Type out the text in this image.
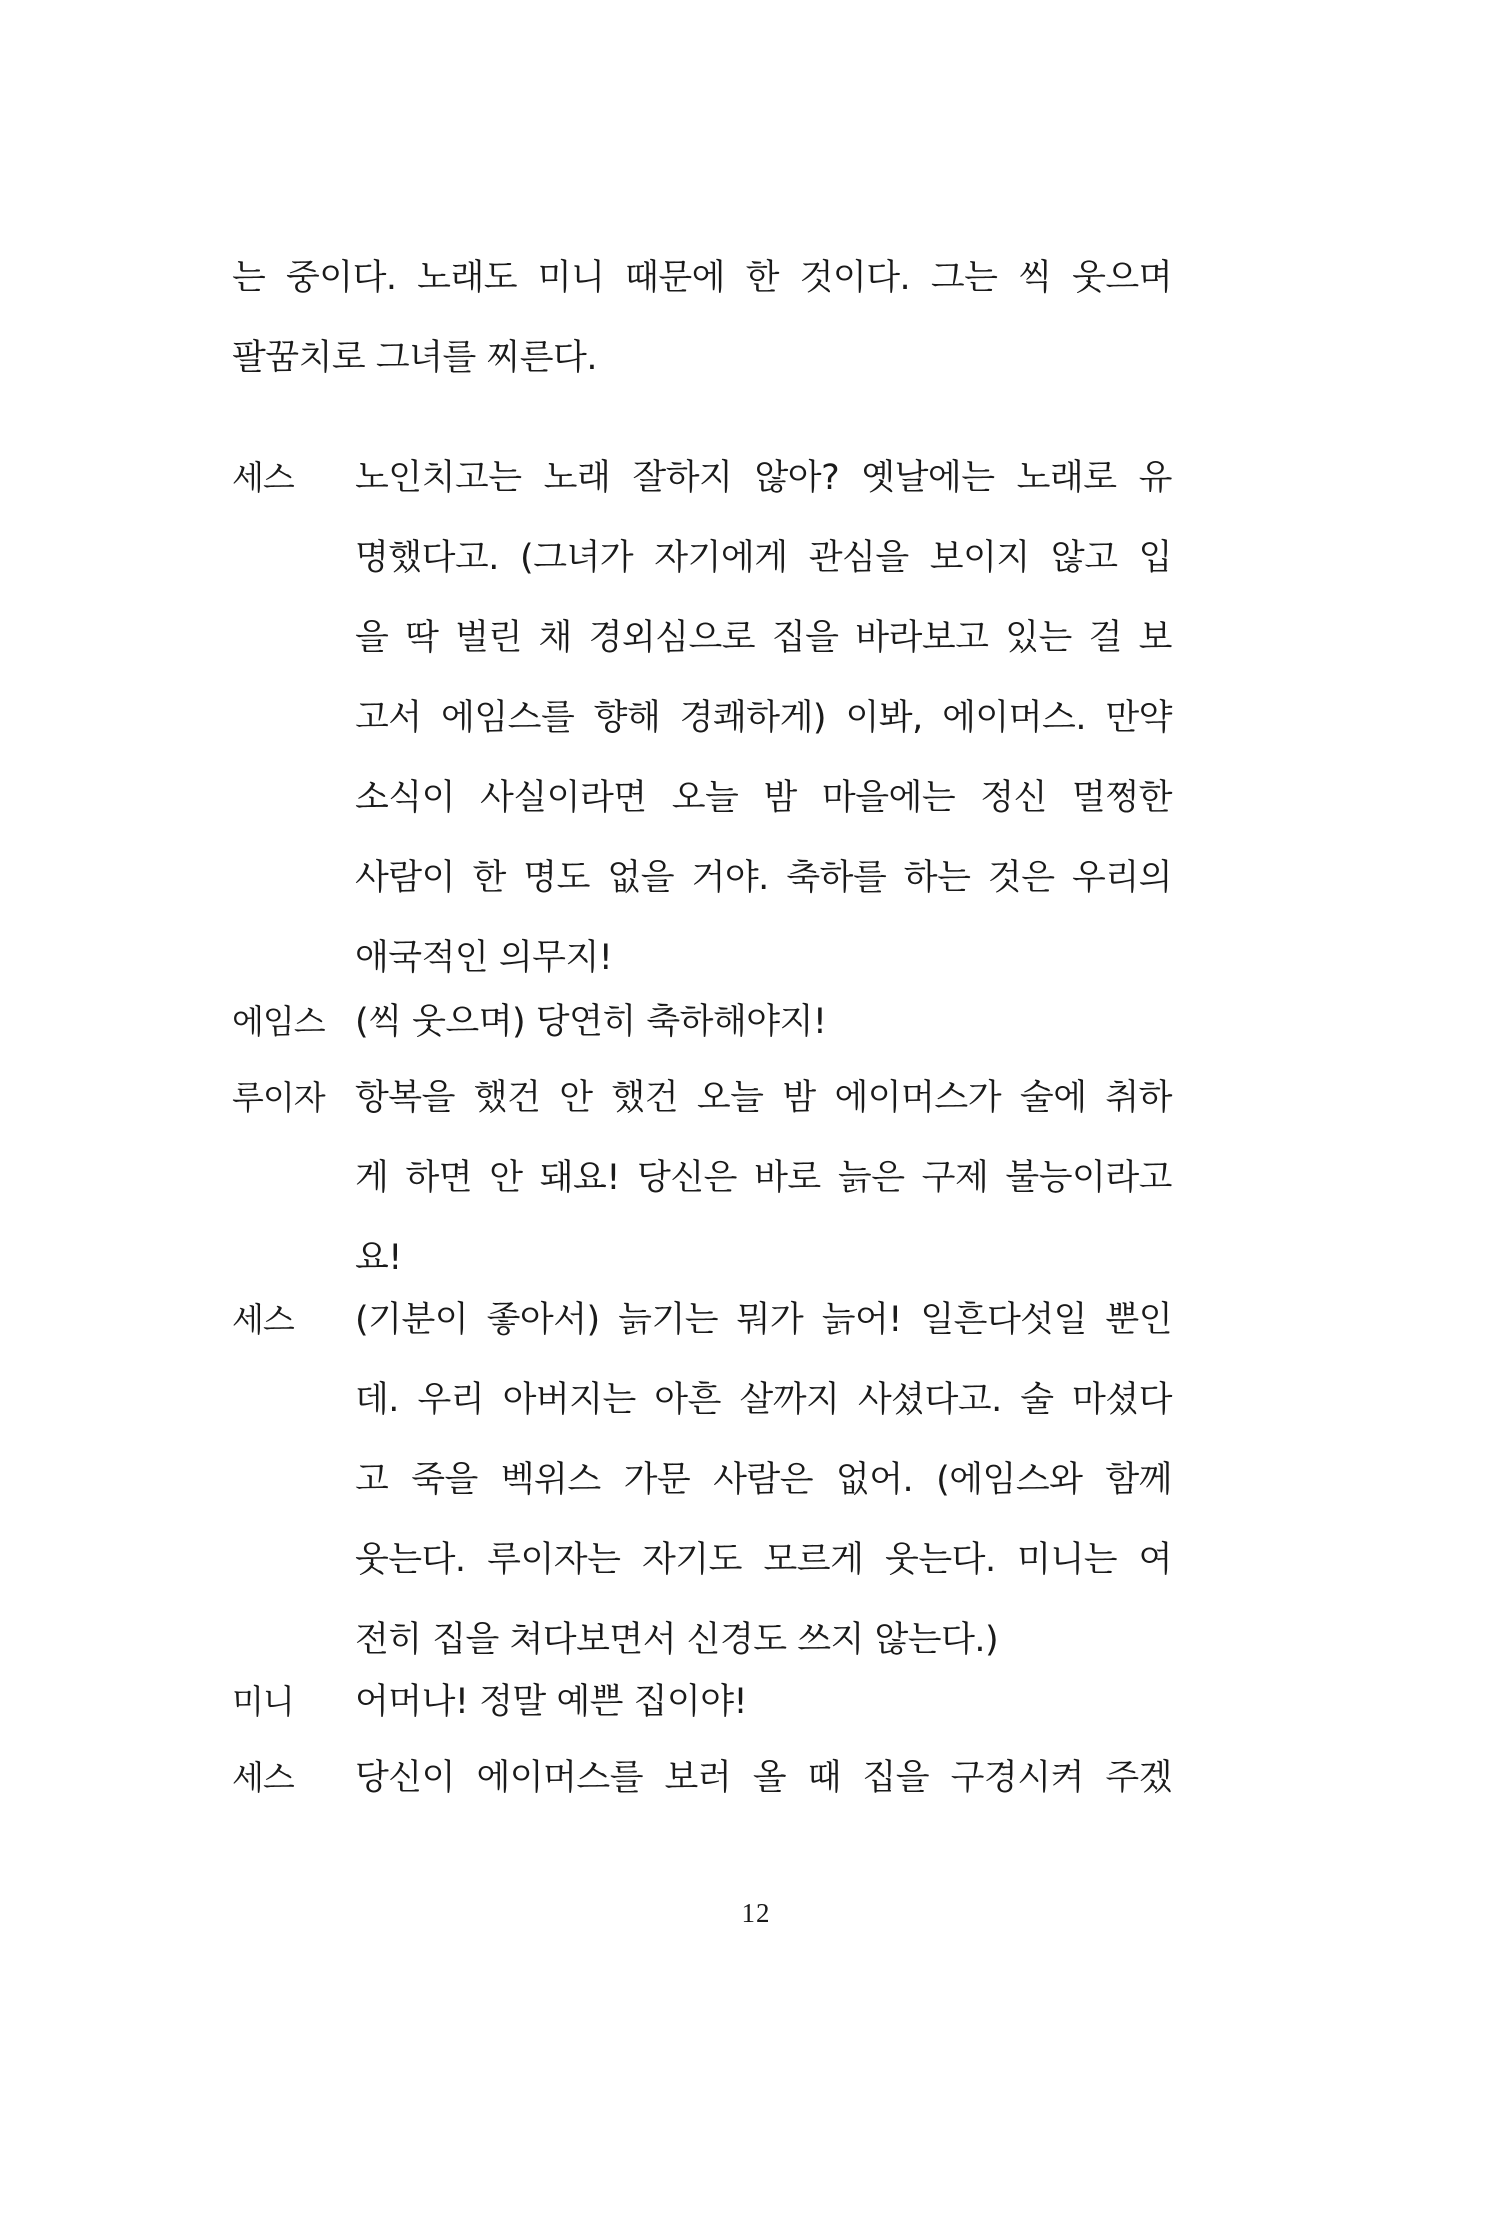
는 중이다. 노래도 미니 때문에 한 것이다. 그는 씩 웃으며
팔꿈치로 그녀를 찌른다.
세스	노인치고는 노래 잘하지 않아? 옛날에는 노래로 유
명했다고. (그녀가 자기에게 관심을 보이지 않고 입
을 딱 벌린 채 경외심으로 집을 바라보고 있는 걸 보
고서 에임스를 향해 경쾌하게) 이봐, 에이머스. 만약
소식이 사실이라면 오늘 밤 마을에는 정신 멀쩡한
사람이 한 명도 없을 거야. 축하를 하는 것은 우리의
애국적인 의무지!
에임스 (씩 웃으며) 당연히 축하해야지!
루이자 항복을 했건 안 했건 오늘 밤 에이머스가 술에 취하
게 하면 안 돼요! 당신은 바로 늙은 구제 불능이라고
요!
세스	(기분이 좋아서) 늙기는 뭐가 늙어! 일흔다섯일 뿐인
데. 우리 아버지는 아흔 살까지 사셨다고. 술 마셨다
고 죽을 벡위스 가문 사람은 없어. (에임스와 함께
웃는다. 루이자는 자기도 모르게 웃는다. 미니는 여
전히 집을 쳐다보면서 신경도 쓰지 않는다.)
미니	어머나! 정말 예쁜 집이야!
세스	당신이 에이머스를 보러 올 때 집을 구경시켜 주겠
12
